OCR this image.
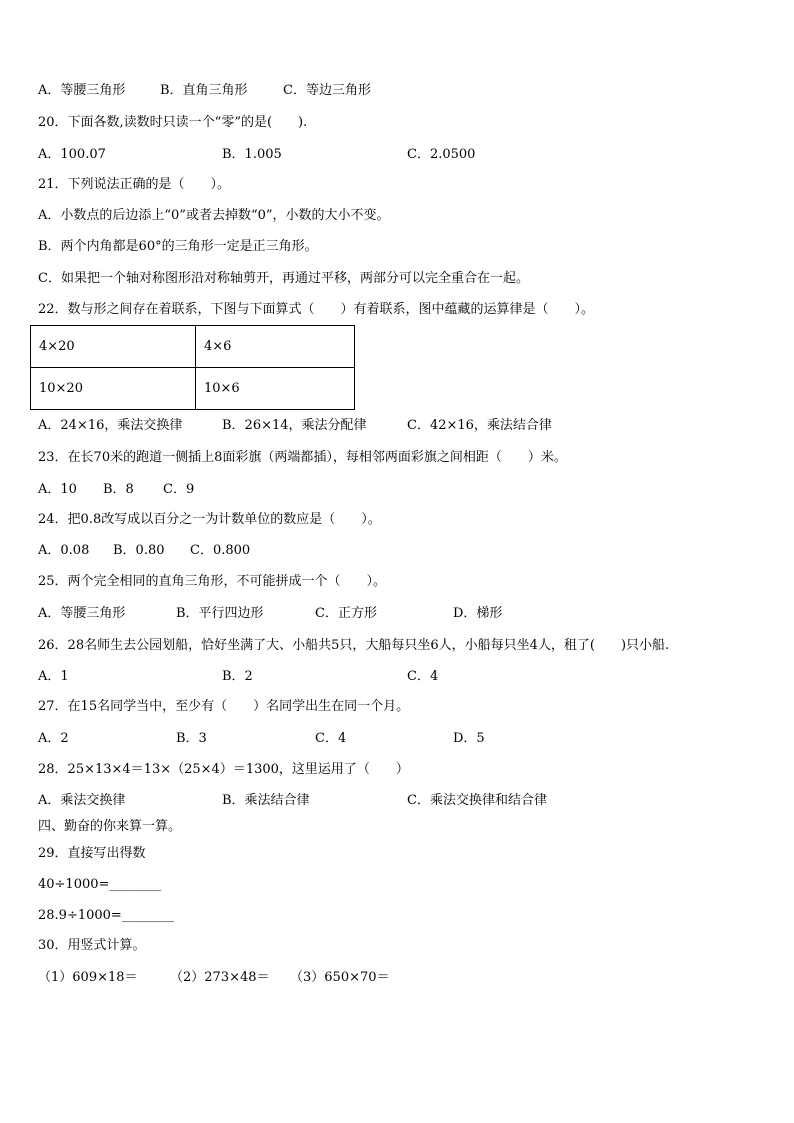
A．等腰三角形	B．直角三角形	C．等边三角形
20．下面各数,读数时只读一个“零”的是(　　).
A．100.07	B．1.005	C．2.0500
21．下列说法正确的是（　　）。
A．小数点的后边添上“0”或者去掉数“0”，小数的大小不变。
B．两个内角都是60°的三角形一定是正三角形。
C．如果把一个轴对称图形沿对称轴剪开，再通过平移，两部分可以完全重合在一起。
22．数与形之间存在着联系，下图与下面算式（　　）有着联系，图中蕴藏的运算律是（　　）。
4×20	4×6
10×20	10×6
A．24×16，乘法交换律	B．26×14，乘法分配律	C．42×16，乘法结合律
23．在长70米的跑道一侧插上8面彩旗（两端都插），每相邻两面彩旗之间相距（　　）米。
A．10 B．8 C．9
24．把0.8改写成以百分之一为计数单位的数应是（　　）。
A．0.08 B．0.80 C．0.800
25．两个完全相同的直角三角形，不可能拼成一个（　　）。
A．等腰三角形	B．平行四边形	C．正方形	D．梯形
26．28名师生去公园划船，恰好坐满了大、小船共5只，大船每只坐6人，小船每只坐4人，租了(　　)只小船.
A．1	B．2	C．4
27．在15名同学当中，至少有（　　）名同学出生在同一个月。
A．2	B．3	C．4	D．5
28．25×13×4＝13×（25×4）＝1300，这里运用了（　　）
A．乘法交换律	B．乘法结合律	C．乘法交换律和结合律
四、勤奋的你来算一算。
29．直接写出得数
40÷1000=________
28.9÷1000=________
30．用竖式计算。
（1）609×18＝ （2）273×48＝ （3）650×70＝
